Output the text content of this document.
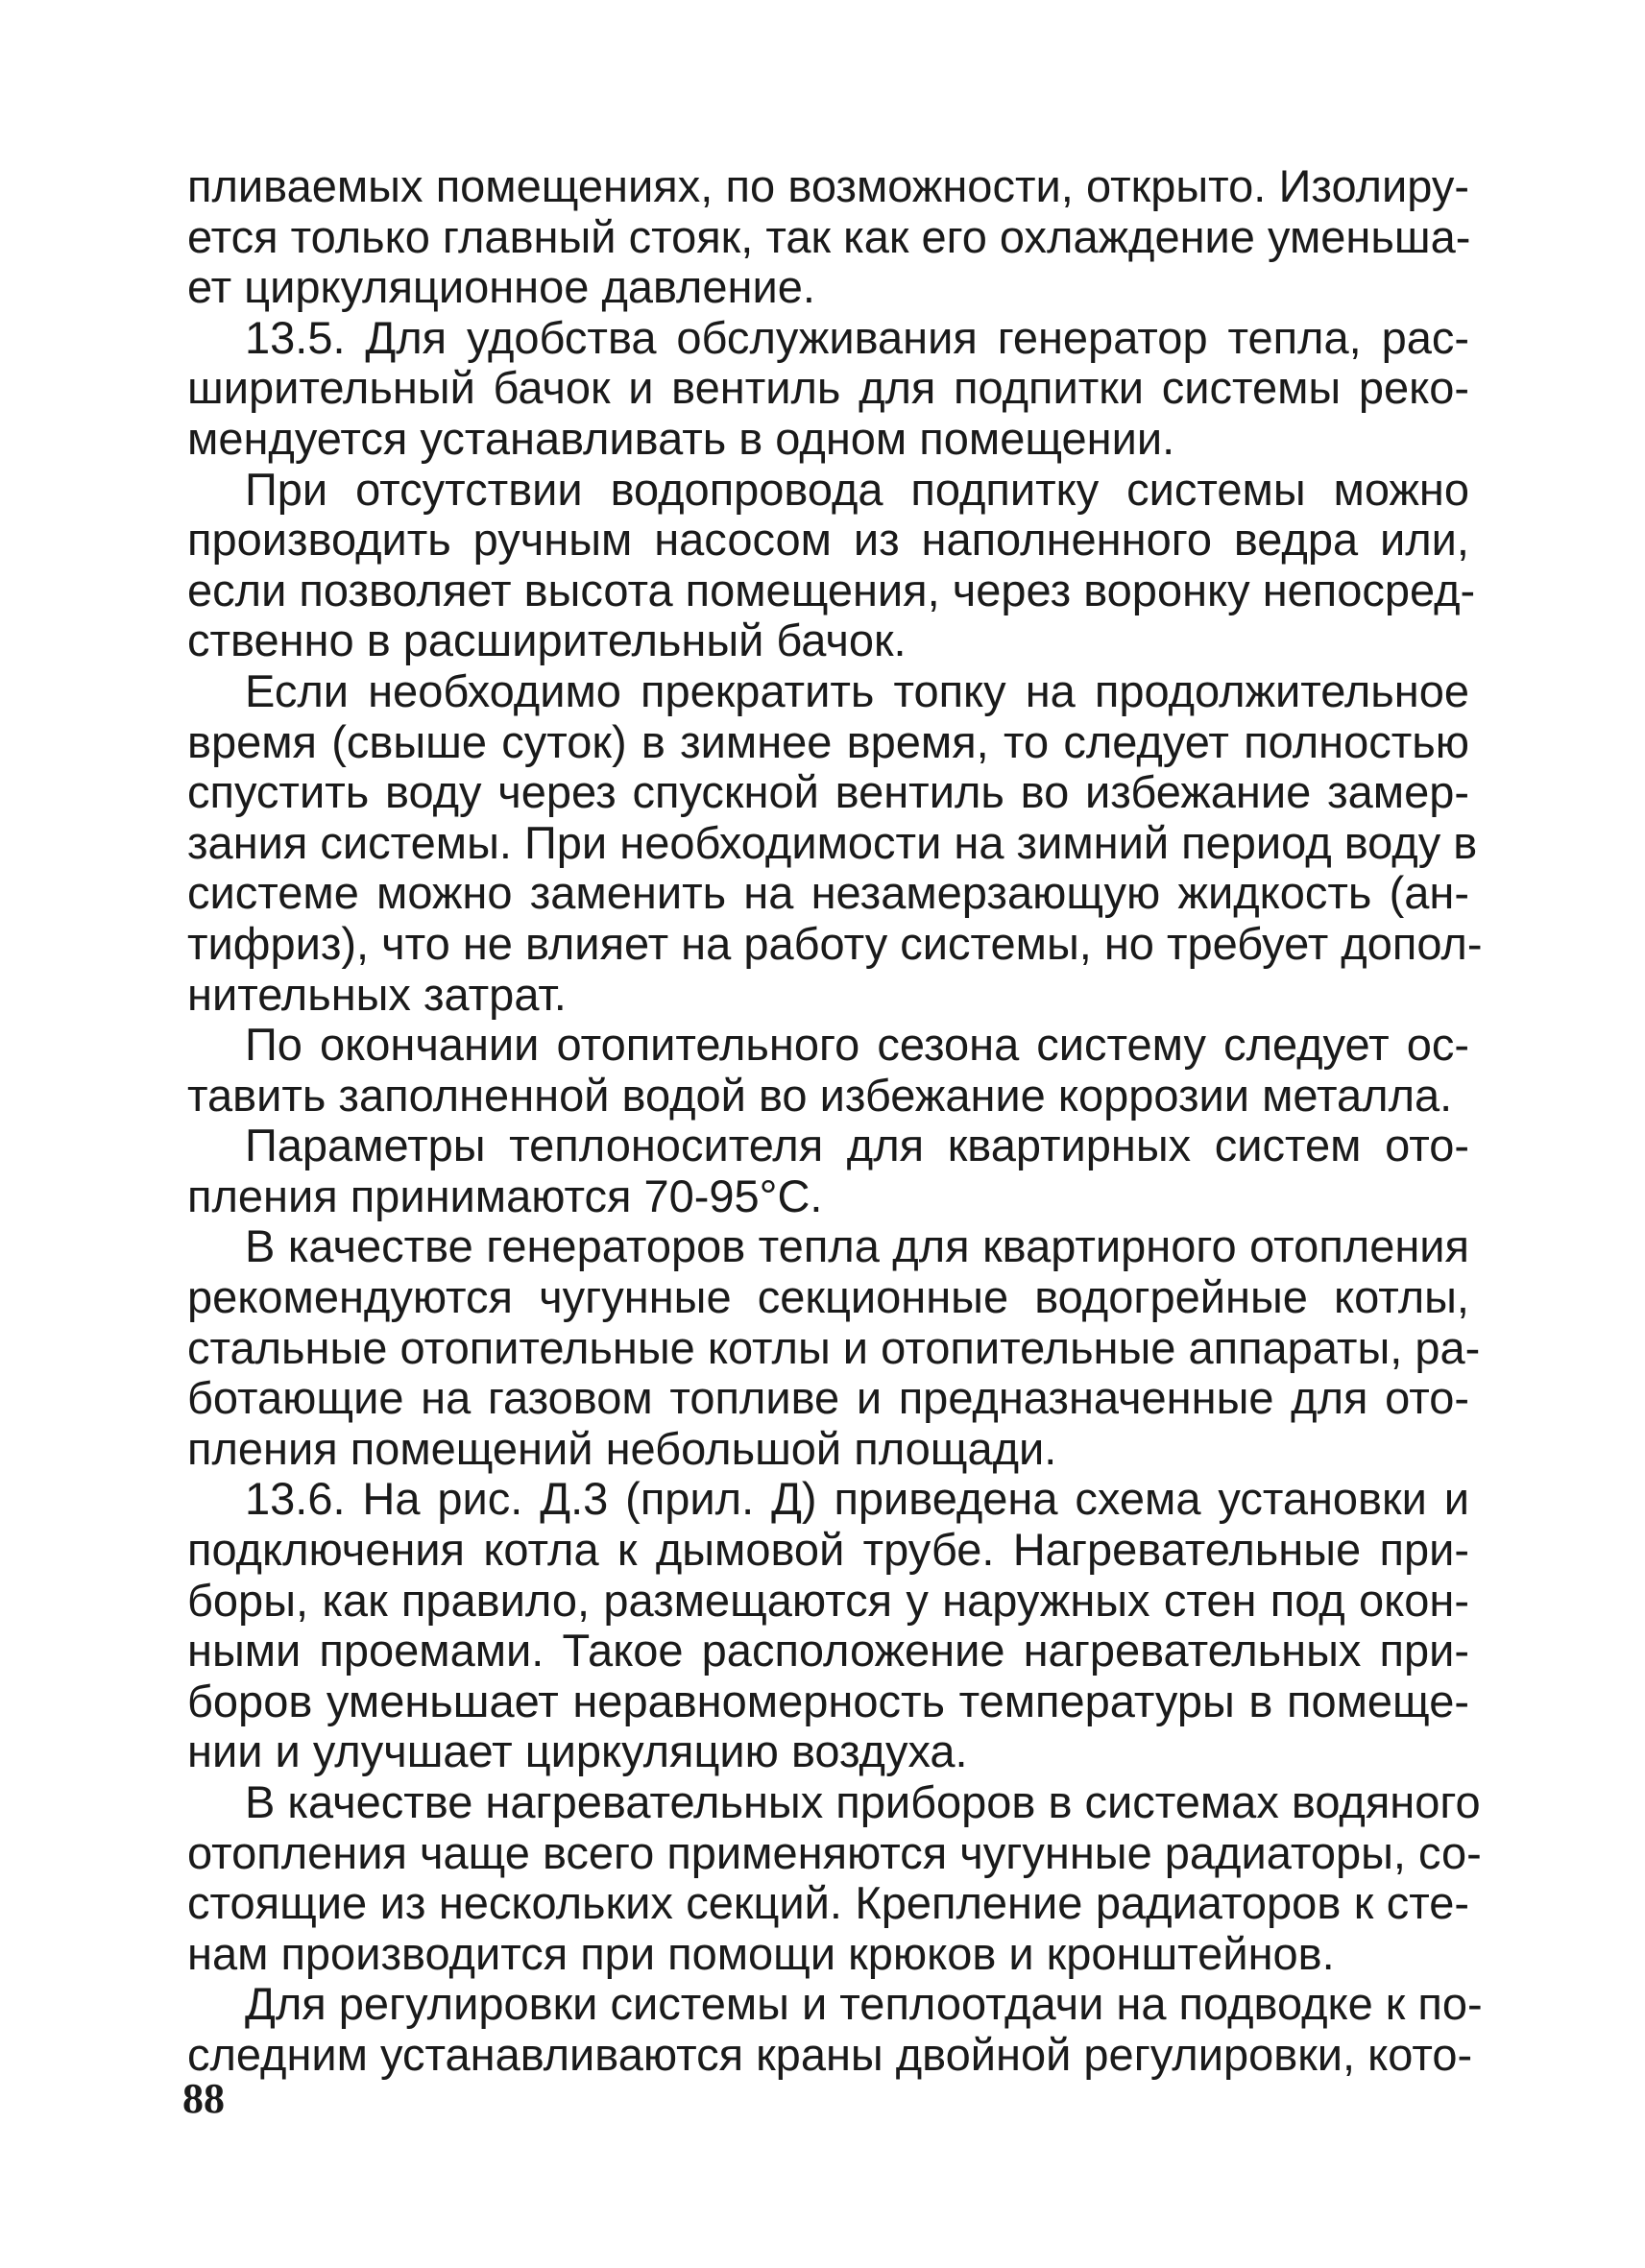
пливаемых помещениях, по возможности, открыто. Изолиру-
ется только главный стояк, так как его охлаждение уменьша-
ет циркуляционное давление.
13.5. Для удобства обслуживания генератор тепла, рас-
ширительный бачок и вентиль для подпитки системы реко-
мендуется устанавливать в одном помещении.
При отсутствии водопровода подпитку системы можно
производить ручным насосом из наполненного ведра или,
если позволяет высота помещения, через воронку непосред-
ственно в расширительный бачок.
Если необходимо прекратить топку на продолжительное
время (свыше суток) в зимнее время, то следует полностью
спустить воду через спускной вентиль во избежание замер-
зания системы. При необходимости на зимний период воду в
системе можно заменить на незамерзающую жидкость (ан-
тифриз), что не влияет на работу системы, но требует допол-
нительных затрат.
По окончании отопительного сезона систему следует ос-
тавить заполненной водой во избежание коррозии металла.
Параметры теплоносителя для квартирных систем ото-
пления принимаются 70-95°С.
В качестве генераторов тепла для квартирного отопления
рекомендуются чугунные секционные водогрейные котлы,
стальные отопительные котлы и отопительные аппараты, ра-
ботающие на газовом топливе и предназначенные для ото-
пления помещений небольшой площади.
13.6. На рис. Д.3 (прил. Д) приведена схема установки и
подключения котла к дымовой трубе. Нагревательные при-
боры, как правило, размещаются у наружных стен под окон-
ными проемами. Такое расположение нагревательных при-
боров уменьшает неравномерность температуры в помеще-
нии и улучшает циркуляцию воздуха.
В качестве нагревательных приборов в системах водяного
отопления чаще всего применяются чугунные радиаторы, со-
стоящие из нескольких секций. Крепление радиаторов к сте-
нам производится при помощи крюков и кронштейнов.
Для регулировки системы и теплоотдачи на подводке к по-
следним устанавливаются краны двойной регулировки, кото-
88
